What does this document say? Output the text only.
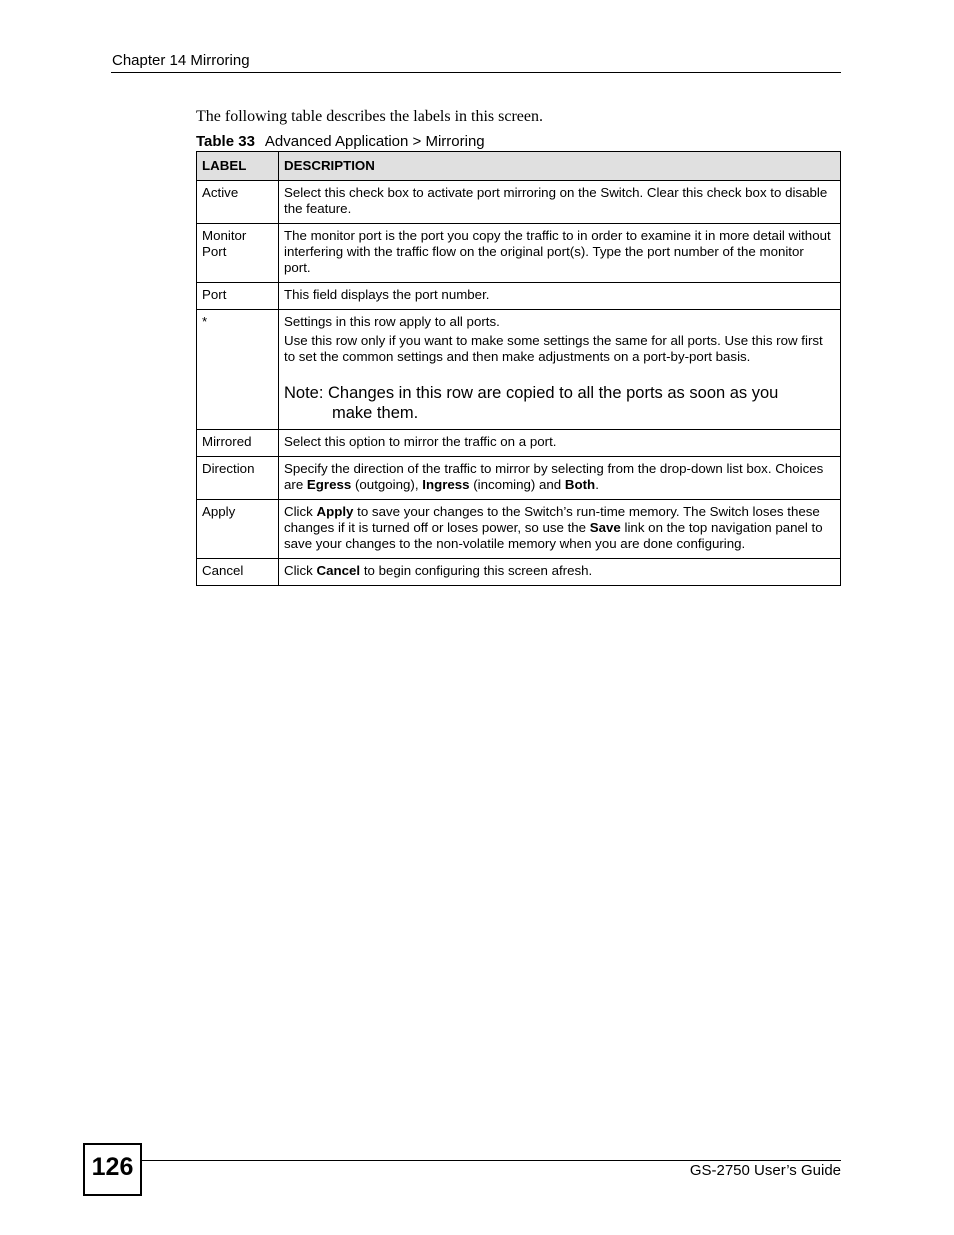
Chapter 14 Mirroring
The following table describes the labels in this screen.
Table 33 Advanced Application > Mirroring
LABEL	DESCRIPTION
Active	Select this check box to activate port mirroring on the Switch. Clear this check box to disable the feature.
Monitor Port	The monitor port is the port you copy the traffic to in order to examine it in more detail without interfering with the traffic flow on the original port(s). Type the port number of the monitor port.
Port	This field displays the port number.
*	Settings in this row apply to all ports.
Use this row only if you want to make some settings the same for all ports. Use this row first to set the common settings and then make adjustments on a port-by-port basis.
Note: Changes in this row are copied to all the ports as soon as you
make them.

Mirrored	Select this option to mirror the traffic on a port.
Direction	Specify the direction of the traffic to mirror by selecting from the drop-down list box. Choices are Egress (outgoing), Ingress (incoming) and Both.
Apply	Click Apply to save your changes to the Switch’s run-time memory. The Switch loses these changes if it is turned off or loses power, so use the Save link on the top navigation panel to save your changes to the non-volatile memory when you are done configuring.
Cancel	Click Cancel to begin configuring this screen afresh.
126	GS-2750 User’s Guide
